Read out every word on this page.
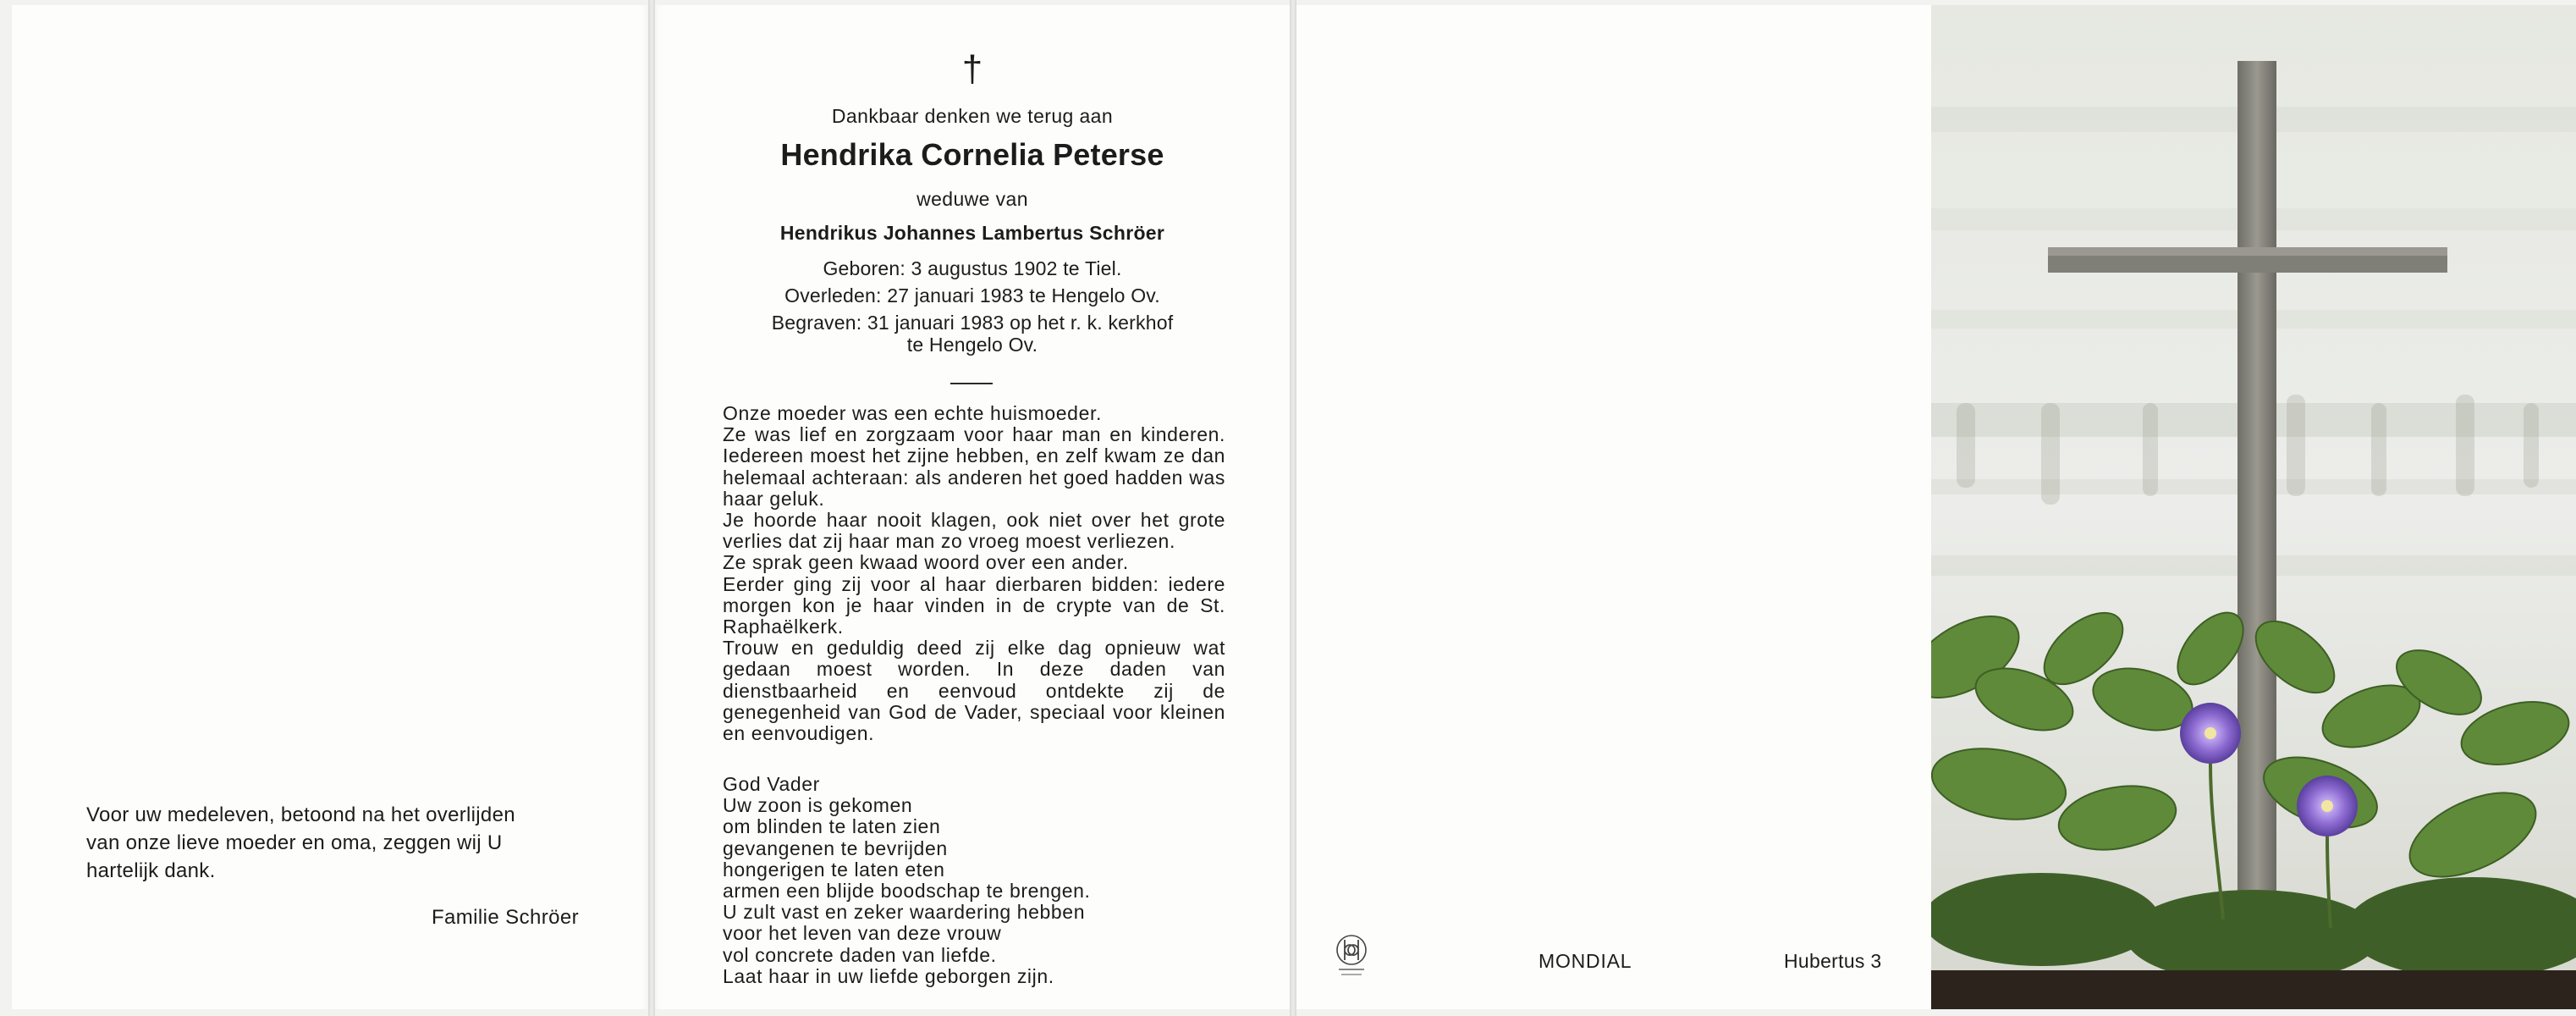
Voor uw medeleven, betoond na het overlijden
van onze lieve moeder en oma, zeggen wij U
hartelijk dank.
Familie Schröer
†
Dankbaar denken we terug aan
Hendrika Cornelia Peterse
weduwe van
Hendrikus Johannes Lambertus Schröer
Geboren: 3 augustus 1902 te Tiel.
Overleden: 27 januari 1983 te Hengelo Ov.
Begraven: 31 januari 1983 op het r. k. kerkhof
te Hengelo Ov.

Onze moeder was een echte huismoeder.

Ze was lief en zorgzaam voor haar man en kinderen. Iedereen moest het zijne hebben, en zelf kwam ze dan helemaal achteraan: als anderen het goed hadden was haar geluk.

Je hoorde haar nooit klagen, ook niet over het grote verlies dat zij haar man zo vroeg moest verliezen.

Ze sprak geen kwaad woord over een ander.

Eerder ging zij voor al haar dierbaren bidden: iedere morgen kon je haar vinden in de crypte van de St. Raphaëlkerk.

Trouw en geduldig deed zij elke dag opnieuw wat gedaan moest worden. In deze daden van dienstbaarheid en eenvoud ontdekte zij de genegenheid van God de Vader, speciaal voor kleinen en eenvoudigen.

God Vader
Uw zoon is gekomen
om blinden te laten zien
gevangenen te bevrijden
hongerigen te laten eten
armen een blijde boodschap te brengen.
U zult vast en zeker waardering hebben
voor het leven van deze vrouw
vol concrete daden van liefde.
Laat haar in uw liefde geborgen zijn.
MONDIAL	Hubertus 3
